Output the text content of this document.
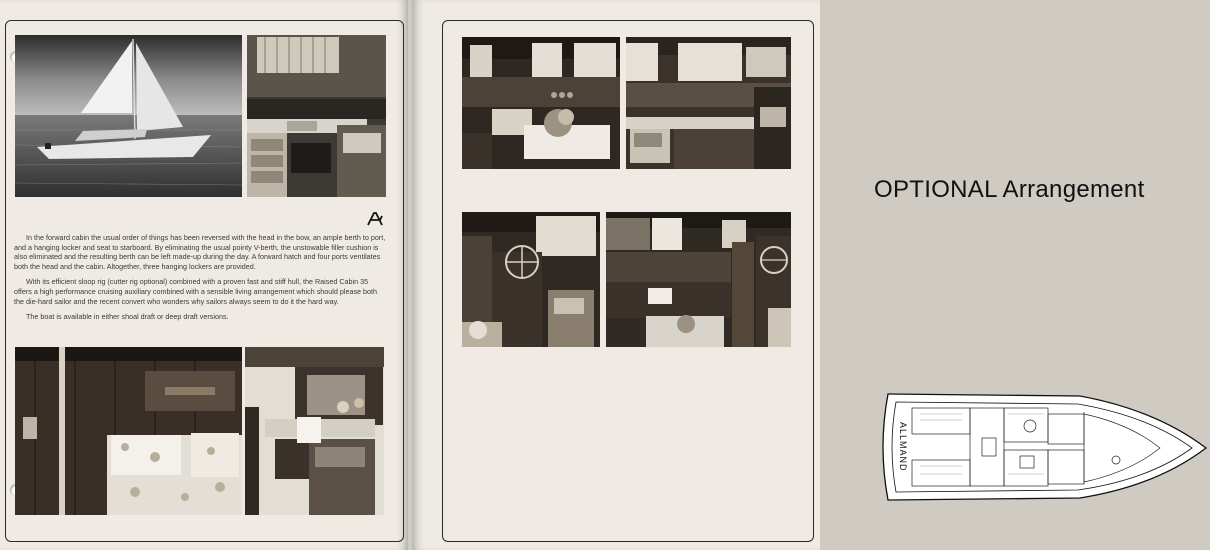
In the forward cabin the usual order of things has been reversed with the head in the bow, an ample berth to port, and a hanging locker and seat to starboard. By eliminating the usual pointy V-berth, the unstowable filler cushion is also eliminated and the resulting berth can be left made-up during the day. A forward hatch and four ports ventilates both the head and the cabin. Altogether, three hanging lockers are provided.

With its efficient sloop rig (cutter rig optional) combined with a proven fast and stiff hull, the Raised Cabin 35 offers a high performance cruising auxiliary combined with a sensible living arrangement which should please both the die-hard sailor and the recent convert who wonders why sailors always seem to do it the hard way.

The boat is available in either shoal draft or deep draft versions.

OPTIONAL Arrangement
ALLMAND
